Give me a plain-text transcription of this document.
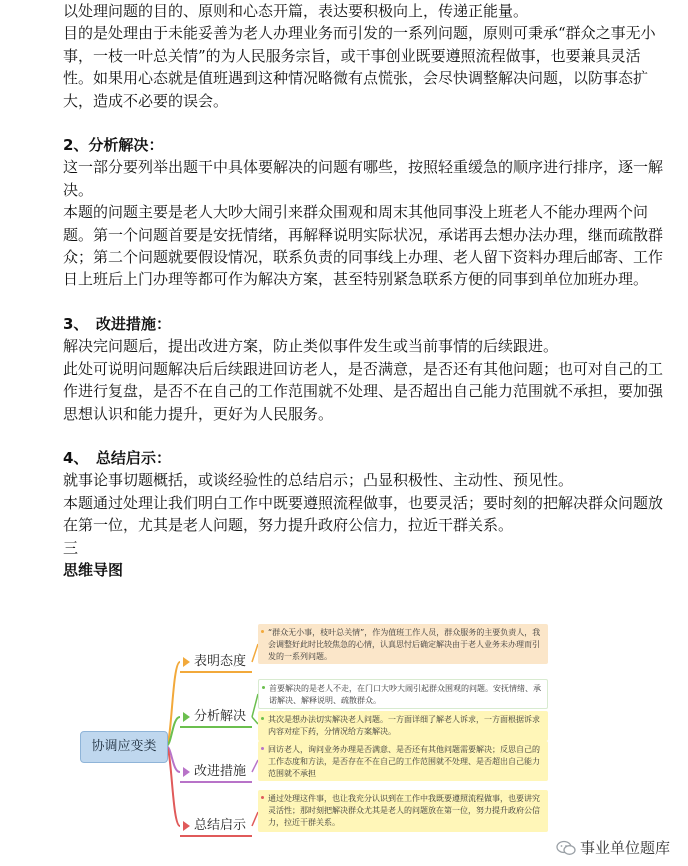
以处理问题的目的、原则和心态开篇，表达要积极向上，传递正能量。

目的是处理由于未能妥善为老人办理业务而引发的一系列问题，原则可秉承“群众之事无小事，一枝一叶总关情”的为人民服务宗旨，或干事创业既要遵照流程做事，也要兼具灵活性。如果用心态就是值班遇到这种情况略微有点慌张，会尽快调整解决问题，以防事态扩大，造成不必要的误会。

2、分析解决：

这一部分要列举出题干中具体要解决的问题有哪些，按照轻重缓急的顺序进行排序，逐一解决。

本题的问题主要是老人大吵大闹引来群众围观和周末其他同事没上班老人不能办理两个问题。第一个问题首要是安抚情绪，再解释说明实际状况，承诺再去想办法办理，继而疏散群众；第二个问题就要假设情况，联系负责的同事线上办理、老人留下资料办理后邮寄、工作日上班后上门办理等都可作为解决方案，甚至特别紧急联系方便的同事到单位加班办理。

3、　改进措施：

解决完问题后，提出改进方案，防止类似事件发生或当前事情的后续跟进。

此处可说明问题解决后后续跟进回访老人，是否满意，是否还有其他问题；也可对自己的工作进行复盘，是否不在自己的工作范围就不处理、是否超出自己能力范围就不承担，要加强思想认识和能力提升，更好为人民服务。

4、　总结启示：

就事论事切题概括，或谈经验性的总结启示；凸显积极性、主动性、预见性。

本题通过处理让我们明白工作中既要遵照流程做事，也要灵活；要时刻的把解决群众问题放在第一位，尤其是老人问题，努力提升政府公信力，拉近干群关系。

三

思维导图

协调应变类
表明态度
分析解决
改进措施
总结启示
“群众无小事，枝叶总关情”，作为值班工作人员，群众服务的主要负责人，我会调整好此时比较焦急的心情，认真思忖后确定解决由于老人业务未办理而引发的一系列问题。
首要解决的是老人不走，在门口大吵大闹引起群众围观的问题。安抚情绪、承诺解决、解释说明、疏散群众。
其次是想办法切实解决老人问题。一方面详细了解老人诉求，一方面根据诉求内容对症下药，分情况给方案解决。
回访老人，询问业务办理是否满意、是否还有其他问题需要解决；反思自己的工作态度和方法，是否存在不在自己的工作范围就不处理、是否超出自己能力范围就不承担
通过处理这件事，也让我充分认识到在工作中我既要遵照流程做事，也要讲究灵活性；那时刻把解决群众尤其是老人的问题放在第一位，努力提升政府公信力，拉近干群关系。
事业单位题库
